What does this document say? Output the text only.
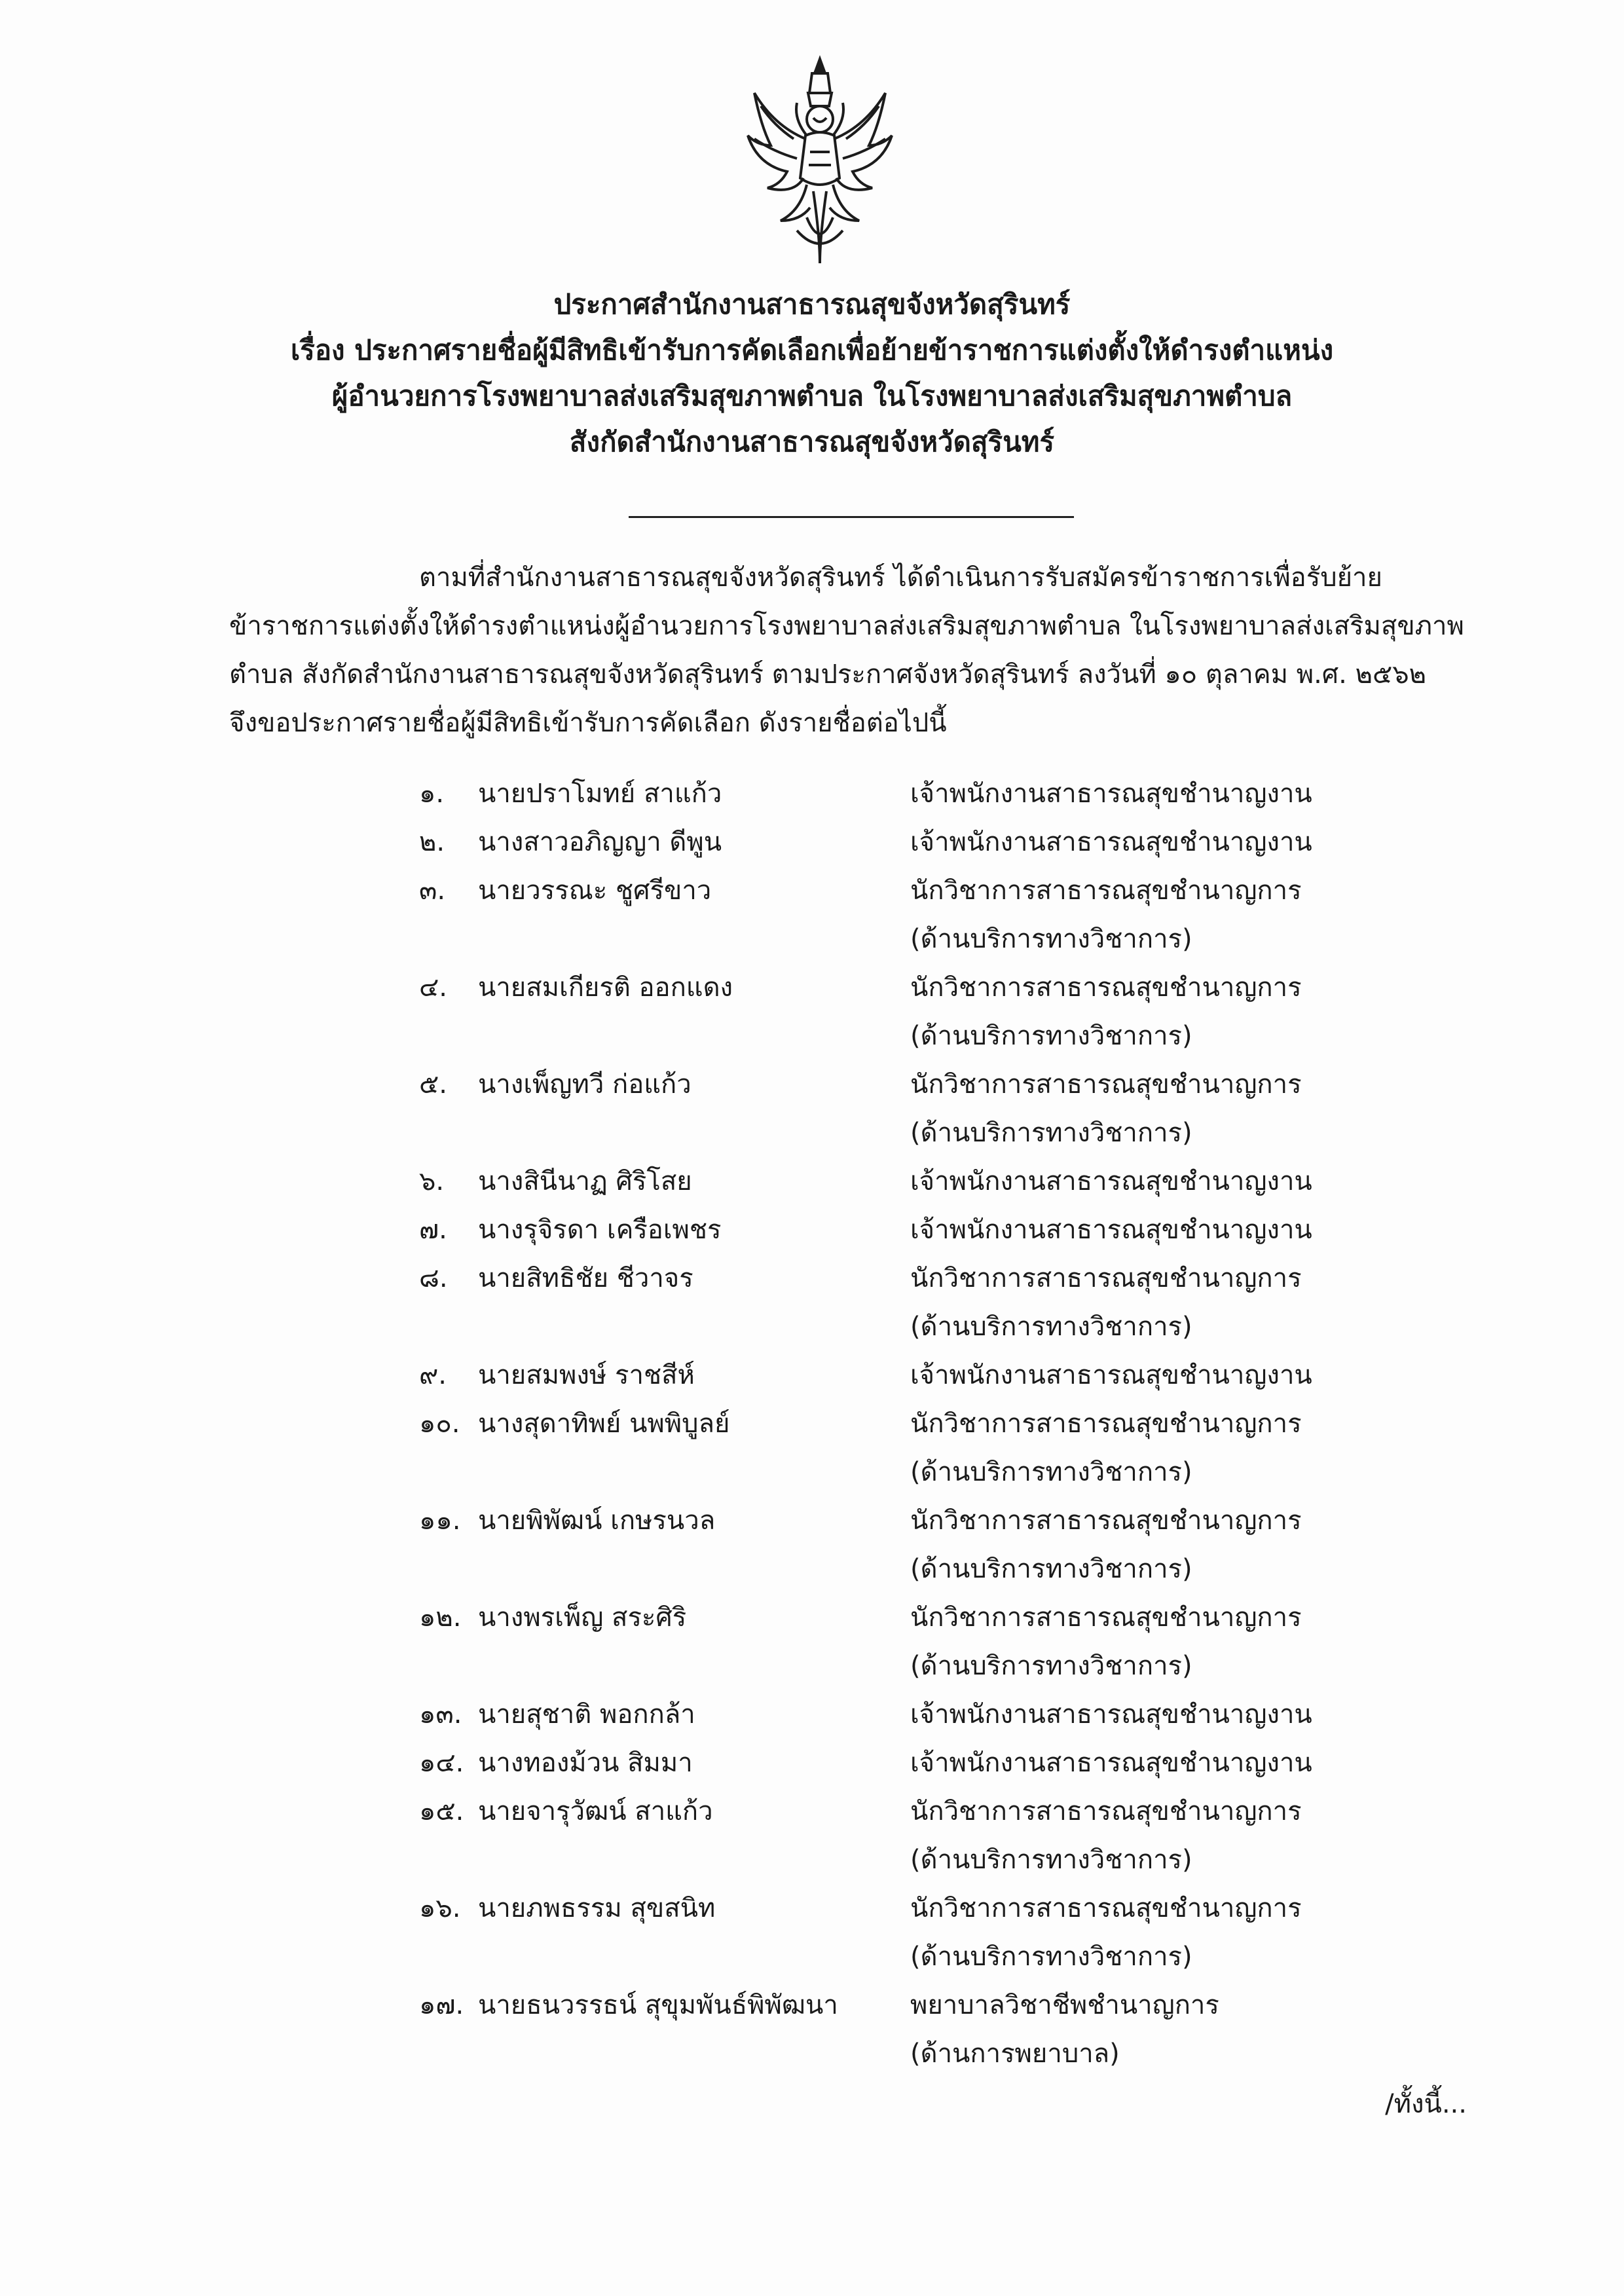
ประกาศสำนักงานสาธารณสุขจังหวัดสุรินทร์
เรื่อง ประกาศรายชื่อผู้มีสิทธิเข้ารับการคัดเลือกเพื่อย้ายข้าราชการแต่งตั้งให้ดำรงตำแหน่ง
ผู้อำนวยการโรงพยาบาลส่งเสริมสุขภาพตำบล ในโรงพยาบาลส่งเสริมสุขภาพตำบล
สังกัดสำนักงานสาธารณสุขจังหวัดสุรินทร์
ตามที่สำนักงานสาธารณสุขจังหวัดสุรินทร์ ได้ดำเนินการรับสมัครข้าราชการเพื่อรับย้าย
ข้าราชการแต่งตั้งให้ดำรงตำแหน่งผู้อำนวยการโรงพยาบาลส่งเสริมสุขภาพตำบล ในโรงพยาบาลส่งเสริมสุขภาพ
ตำบล สังกัดสำนักงานสาธารณสุขจังหวัดสุรินทร์ ตามประกาศจังหวัดสุรินทร์ ลงวันที่ ๑๐ ตุลาคม พ.ศ. ๒๕๖๒
จึงขอประกาศรายชื่อผู้มีสิทธิเข้ารับการคัดเลือก ดังรายชื่อต่อไปนี้
๑.	นายปราโมทย์ สาแก้ว	เจ้าพนักงานสาธารณสุขชำนาญงาน
๒.	นางสาวอภิญญา ดีพูน	เจ้าพนักงานสาธารณสุขชำนาญงาน
๓.	นายวรรณะ ชูศรีขาว	นักวิชาการสาธารณสุขชำนาญการ
(ด้านบริการทางวิชาการ)
๔.	นายสมเกียรติ ออกแดง	นักวิชาการสาธารณสุขชำนาญการ
(ด้านบริการทางวิชาการ)
๕.	นางเพ็ญทวี ก่อแก้ว	นักวิชาการสาธารณสุขชำนาญการ
(ด้านบริการทางวิชาการ)
๖.	นางสินีนาฏ ศิริโสย	เจ้าพนักงานสาธารณสุขชำนาญงาน
๗.	นางรุจิรดา เครือเพชร	เจ้าพนักงานสาธารณสุขชำนาญงาน
๘.	นายสิทธิชัย ชีวาจร	นักวิชาการสาธารณสุขชำนาญการ
(ด้านบริการทางวิชาการ)
๙.	นายสมพงษ์ ราชสีห์	เจ้าพนักงานสาธารณสุขชำนาญงาน
๑๐. นางสุดาทิพย์ นพพิบูลย์	นักวิชาการสาธารณสุขชำนาญการ
(ด้านบริการทางวิชาการ)
๑๑. นายพิพัฒน์ เกษรนวล	นักวิชาการสาธารณสุขชำนาญการ
(ด้านบริการทางวิชาการ)
๑๒. นางพรเพ็ญ สระศิริ	นักวิชาการสาธารณสุขชำนาญการ
(ด้านบริการทางวิชาการ)
๑๓. นายสุชาติ พอกกล้า	เจ้าพนักงานสาธารณสุขชำนาญงาน
๑๔. นางทองม้วน สิมมา	เจ้าพนักงานสาธารณสุขชำนาญงาน
๑๕. นายจารุวัฒน์ สาแก้ว	นักวิชาการสาธารณสุขชำนาญการ
(ด้านบริการทางวิชาการ)
๑๖. นายภพธรรม สุขสนิท	นักวิชาการสาธารณสุขชำนาญการ
(ด้านบริการทางวิชาการ)
๑๗. นายธนวรรธน์ สุขุมพันธ์พิพัฒนา	พยาบาลวิชาชีพชำนาญการ
(ด้านการพยาบาล)
/ทั้งนี้...
